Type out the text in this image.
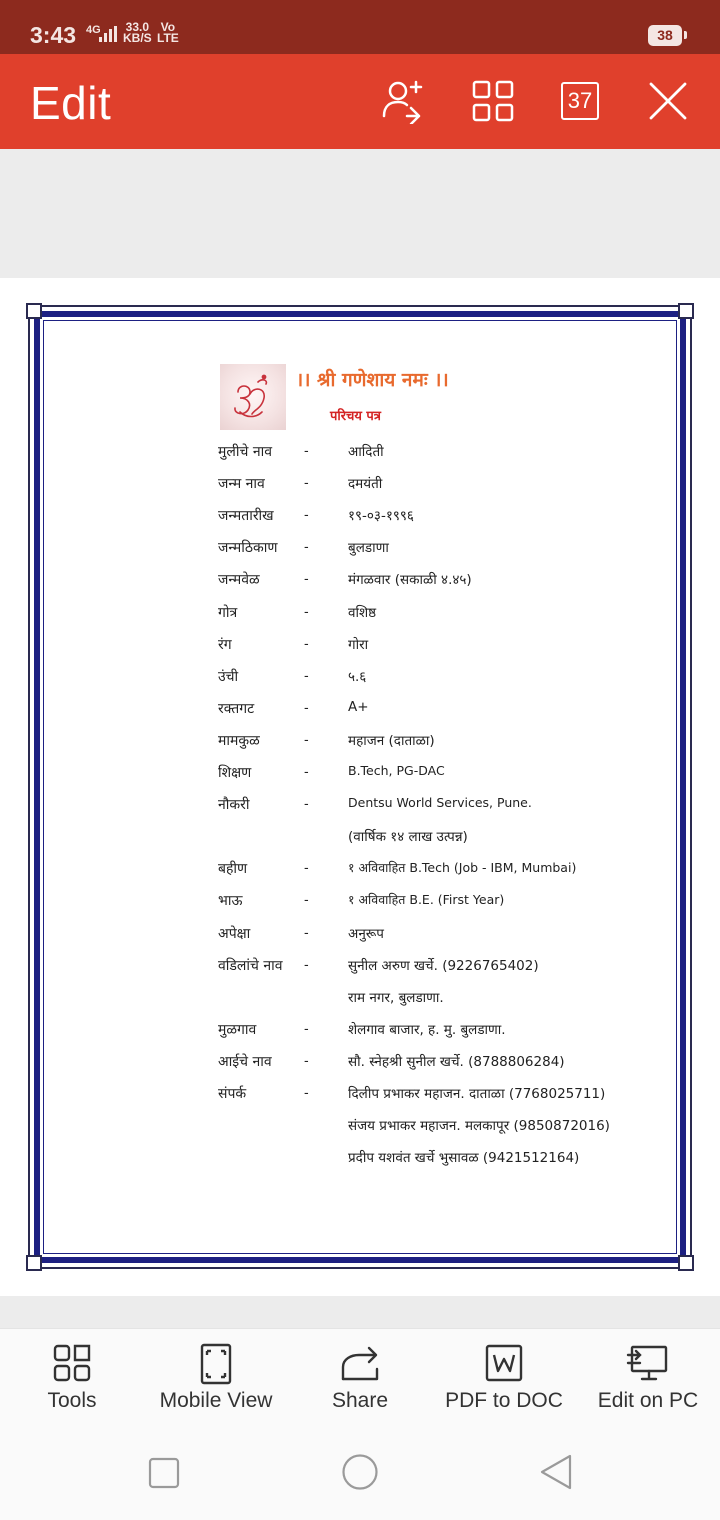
3:43 4G 33.0
KB/S
Vo
LTE	38
Edit	37
।। श्री गणेशाय नमः ।।
परिचय पत्र
मुलीचे नाव -	आदिती
जन्म नाव	-	दमयंती
जन्मतारीख -	१९-०३-१९९६
जन्मठिकाण -	बुलडाणा
जन्मवेळ	-	मंगळवार (सकाळी ४.४५)
गोत्र	-	वशिष्ठ
रंग	-	गोरा
उंची	-	५.६
रक्तगट	-	A+
मामकुळ	-	महाजन (दाताळा)
शिक्षण	-	B.Tech, PG-DAC
नौकरी	-	Dentsu World Services, Pune.
(वार्षिक १४ लाख उत्पन्न)
बहीण	-	१ अविवाहित B.Tech (Job - IBM, Mumbai)
भाऊ	-	१ अविवाहित B.E. (First Year)
अपेक्षा	-	अनुरूप
वडिलांचे नाव -	सुनील अरुण खर्चे. (9226765402)
राम नगर, बुलडाणा.
मुळगाव	-	शेलगाव बाजार, ह. मु. बुलडाणा.
आईचे नाव -	सौ. स्नेहश्री सुनील खर्चे. (8788806284)
संपर्क	-	दिलीप प्रभाकर महाजन. दाताळा (7768025711)
संजय प्रभाकर महाजन. मलकापूर (9850872016)
प्रदीप यशवंत खर्चे भुसावळ (9421512164)
Tools	Mobile View	Share	PDF to DOC	Edit on PC
